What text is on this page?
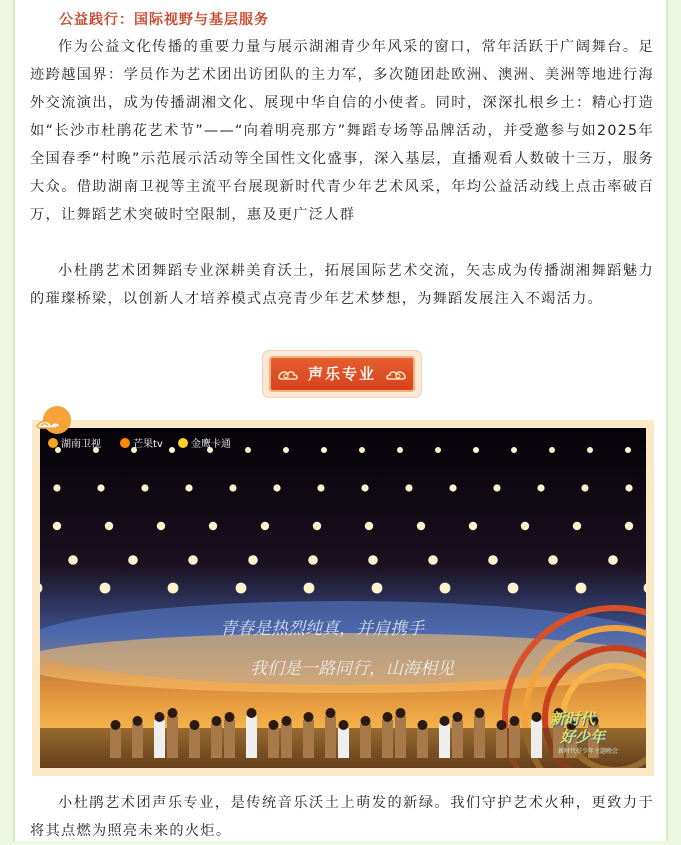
公益践行：国际视野与基层服务
作为公益文化传播的重要力量与展示湖湘青少年风采的窗口，常年活跃于广阔舞台。足迹跨越国界：学员作为艺术团出访团队的主力军，多次随团赴欧洲、澳洲、美洲等地进行海外交流演出，成为传播湖湘文化、展现中华自信的小使者。同时，深深扎根乡土：精心打造如“长沙市杜鹃花艺术节”——“向着明亮那方”舞蹈专场等品牌活动，并受邀参与如2025年全国春季“村晚”示范展示活动等全国性文化盛事，深入基层，直播观看人数破十三万，服务大众。借助湖南卫视等主流平台展现新时代青少年艺术风采，年均公益活动线上点击率破百万，让舞蹈艺术突破时空限制，惠及更广泛人群
小杜鹃艺术团舞蹈专业深耕美育沃土，拓展国际艺术交流，矢志成为传播湖湘舞蹈魅力的璀璨桥梁，以创新人才培养模式点亮青少年艺术梦想，为舞蹈发展注入不竭活力。
声乐专业
湖南卫视	芒果tv	金鹰卡通
青春是热烈纯真，并肩携手
我们是一路同行，山海相见
新时代
好少年
新时代好少年主题晚会
小杜鹃艺术团声乐专业，是传统音乐沃土上萌发的新绿。我们守护艺术火种，更致力于将其点燃为照亮未来的火炬。
